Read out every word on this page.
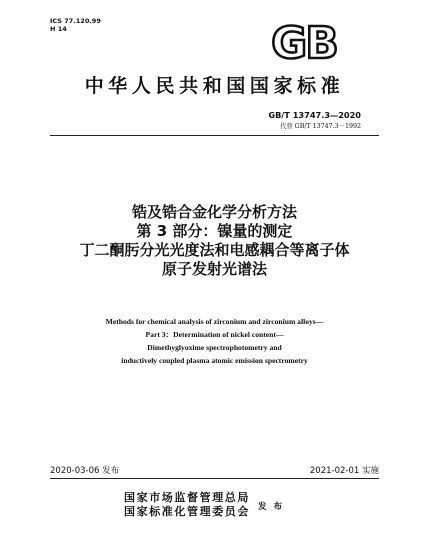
ICS 77.120.99
H 14	GB
中华人民共和国国家标准
GB/T 13747.3—2020
代替 GB/T 13747.3－1992
锆及锆合金化学分析方法
第 3 部分：镍量的测定
丁二酮肟分光光度法和电感耦合等离子体
原子发射光谱法
Methods for chemical analysis of zirconium and zirconium alloys—
Part 3：Determination of nickel content—
Dimethyglyoxime spectrophotometry and
inductively coupled plasma atomic emission spectrometry
2020-03-06 发布	2021-02-01 实施
国家市场监督管理总局
国家标准化管理委员会 发 布
